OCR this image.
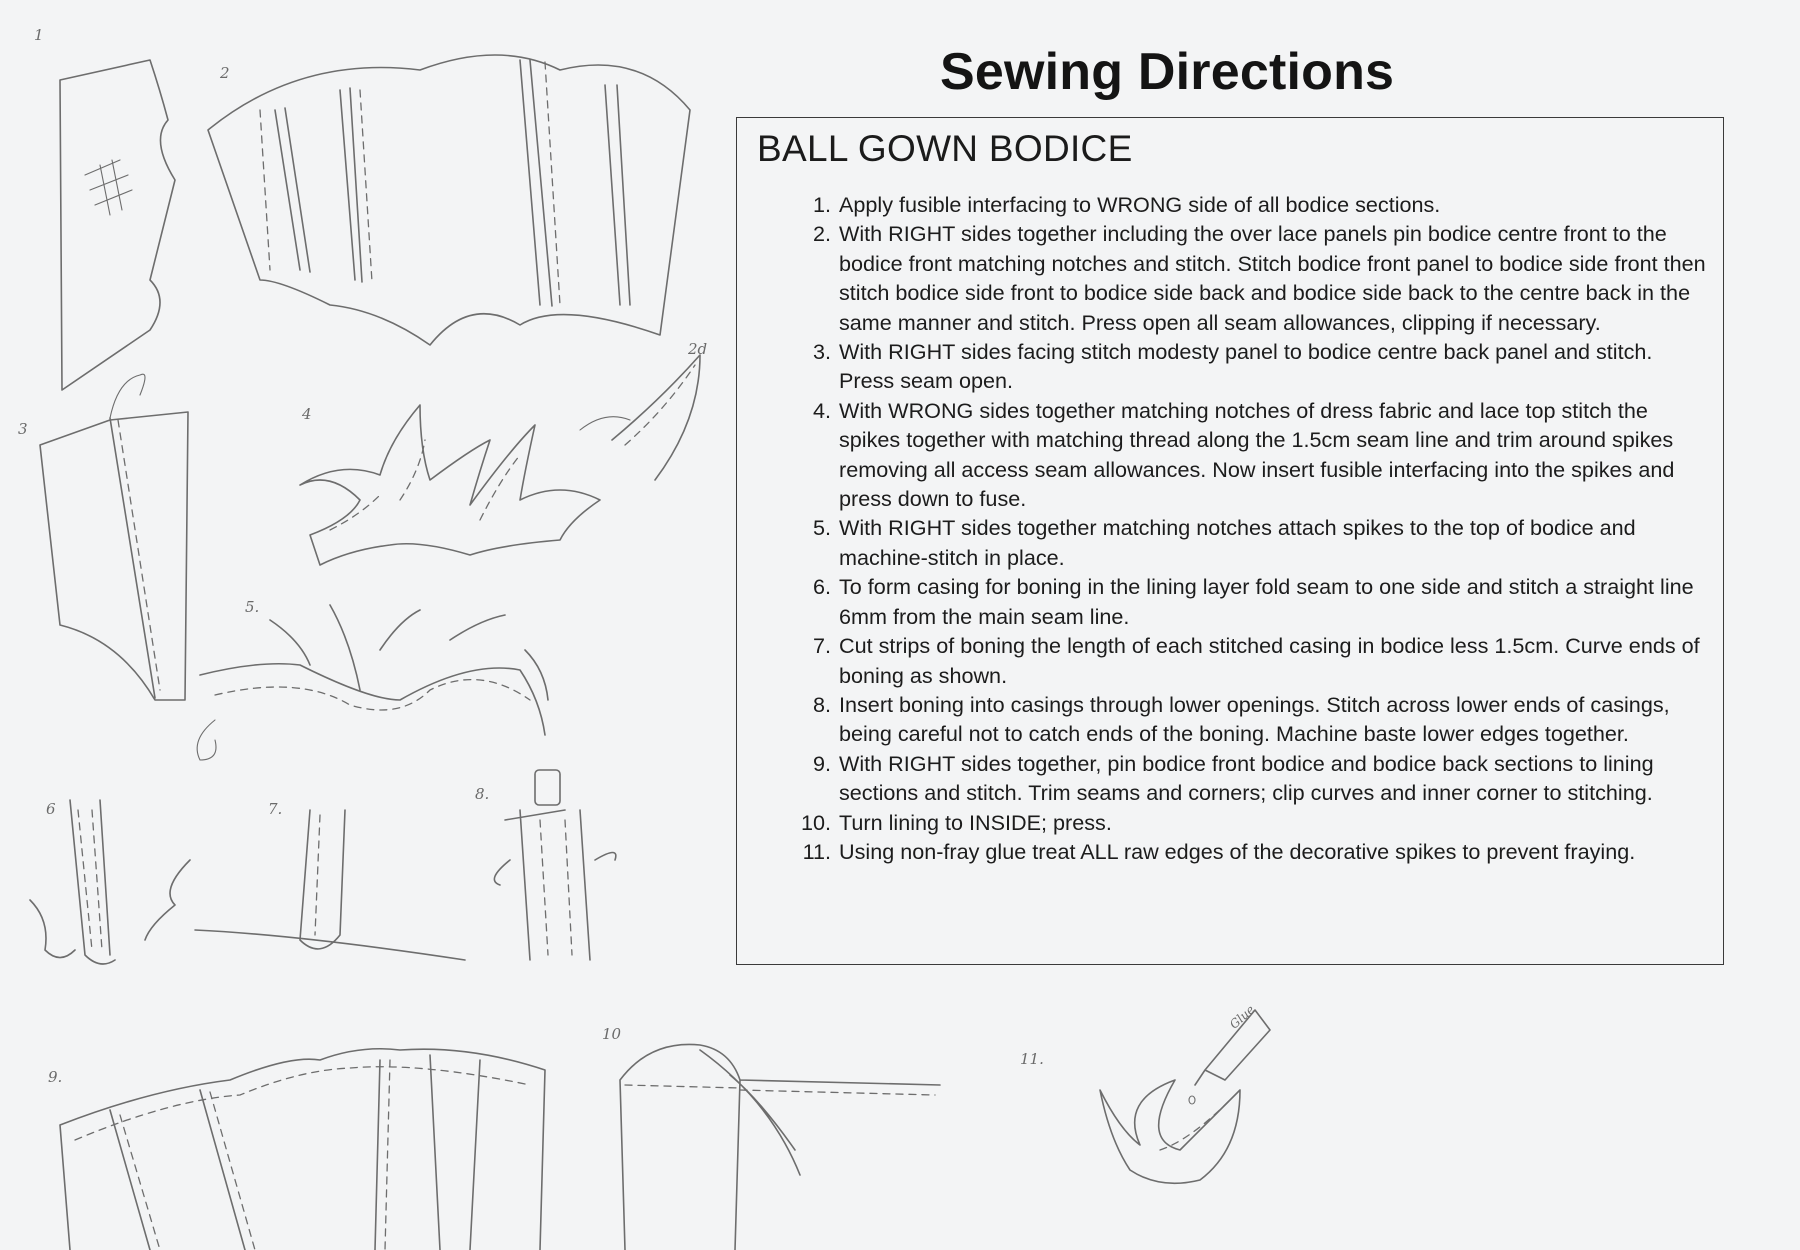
1
2
3
4
5.
6	7.
8.
9.
10
11.
2d
Glue
Sewing Directions
BALL GOWN BODICE
1. Apply fusible interfacing to WRONG side of all bodice sections.
2. With RIGHT sides together including the over lace panels pin bodice centre front to the bodice front matching notches and stitch. Stitch bodice front panel to bodice side front then stitch bodice side front to bodice side back and bodice side back to the centre back in the same manner and stitch. Press open all seam allowances, clipping if necessary.
3. With RIGHT sides facing stitch modesty panel to bodice centre back panel and stitch. Press seam open.
4. With WRONG sides together matching notches of dress fabric and lace top stitch the spikes together with matching thread along the 1.5cm seam line and trim around spikes removing all access seam allowances. Now insert fusible interfacing into the spikes and press down to fuse.
5. With RIGHT sides together matching notches attach spikes to the top of bodice and machine-stitch in place.
6. To form casing for boning in the lining layer fold seam to one side and stitch a straight line 6mm from the main seam line.
7. Cut strips of boning the length of each stitched casing in bodice less 1.5cm. Curve ends of boning as shown.
8. Insert boning into casings through lower openings. Stitch across lower ends of casings, being careful not to catch ends of the boning. Machine baste lower edges together.
9. With RIGHT sides together, pin bodice front bodice and bodice back sections to lining sections and stitch. Trim seams and corners; clip curves and inner corner to stitching.
10. Turn lining to INSIDE; press.
11. Using non-fray glue treat ALL raw edges of the decorative spikes to prevent fraying.
